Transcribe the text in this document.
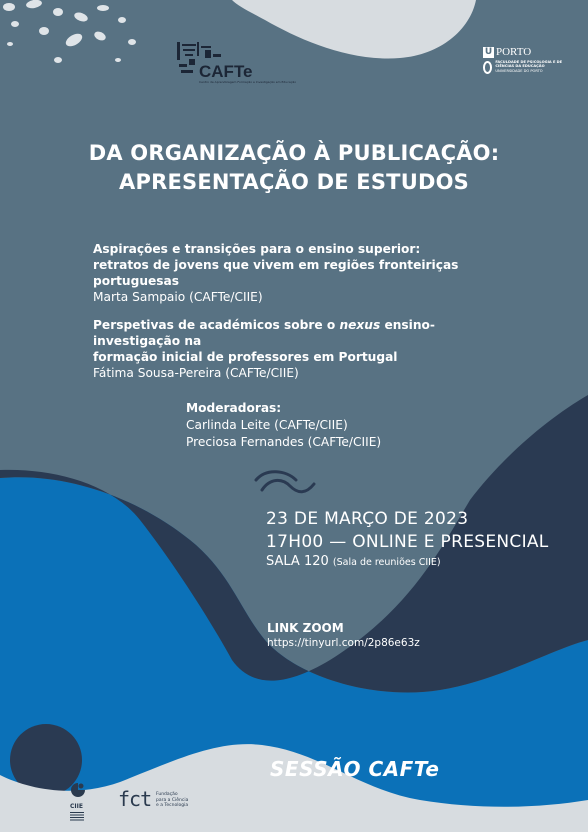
CAFTe
Centro de Aprendizagem Formação e Investigação em Educação
U PORTO
FACULDADE DE PSICOLOGIA E DE CIÊNCIAS DA EDUCAÇÃO
UNIVERSIDADE DO PORTO
DA ORGANIZAÇÃO À PUBLICAÇÃO:
APRESENTAÇÃO DE ESTUDOS
Aspirações e transições para o ensino superior:
retratos de jovens que vivem em regiões fronteiriças portuguesas
Marta Sampaio (CAFTe/CIIE)
Perspetivas de académicos sobre o nexus ensino-investigação na
formação inicial de professores em Portugal
Fátima Sousa-Pereira (CAFTe/CIIE)
Moderadoras:
Carlinda Leite (CAFTe/CIIE)
Preciosa Fernandes (CAFTe/CIIE)
23 DE MARÇO DE 2023
17H00 — ONLINE E PRESENCIAL
SALA 120 (Sala de reuniões CIIE)
LINK ZOOM
https://tinyurl.com/2p86e63z
SESSÃO CAFTe
CIIE fct Fundação
para a Ciência
e a Tecnologia
